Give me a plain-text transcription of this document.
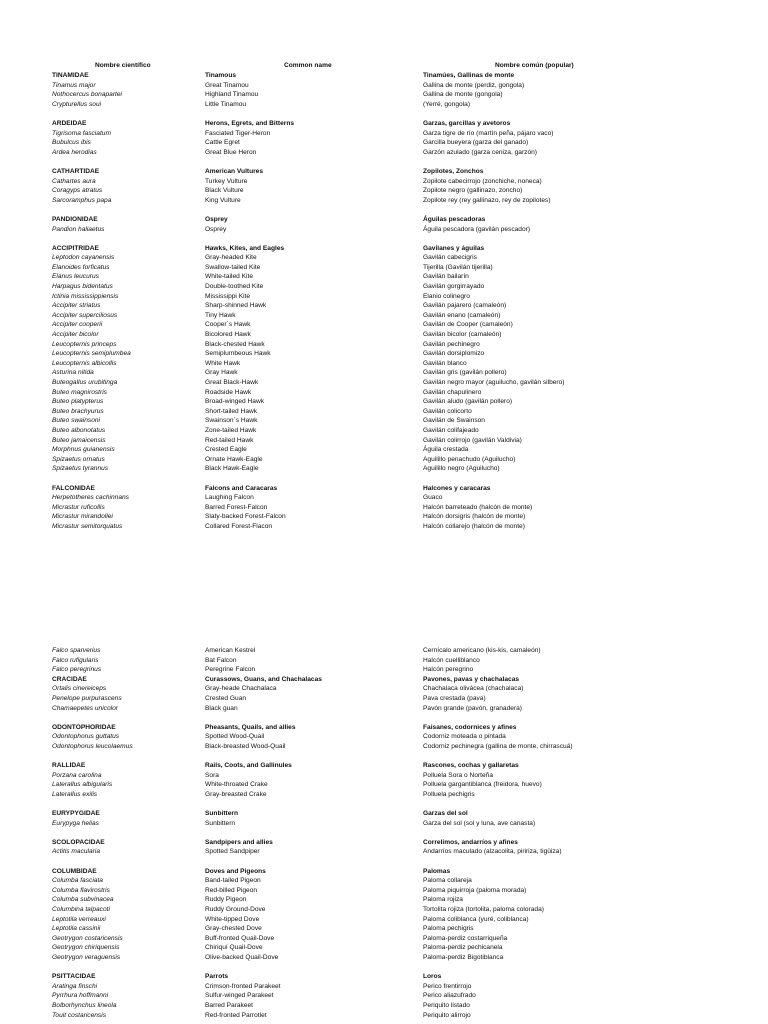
Nombre científico	Common name	Nombre común (popular)
TINAMIDAE	Tinamous	Tinamúes, Gallinas de monte
Tinamus major	Great Tinamou	Gallina de monte (perdiz, gongola)
Nothocercus bonapartei	Highland Tinamou	Gallina de monte (gongola)
Crypturellus soui	Little Tinamou	(Yerré, gongola)
ARDEIDAE	Herons, Egrets, and Bitterns	Garzas, garcillas y avetoros
Tigrisoma fasciatum	Fasciated Tiger-Heron	Garza tigre de río (martín peña, pájaro vaco)
Bubulcus ibis	Cattle Egret	Garcilla bueyera (garza del ganado)
Ardea herodias	Great Blue Heron	Garzón azulado (garza ceniza, garzón)
CATHARTIDAE	American Vultures	Zopilotes, Zonchos
Cathartes aura	Turkey Vulture	Zopilote cabecirrojo (zonchiche, noneca)
Coragyps atratus	Black Vulture	Zopilote negro (gallinazo, zoncho)
Sarcoramphus papa	King Vulture	Zopilote rey (rey gallinazo, rey de zopilotes)
PANDIONIDAE	Osprey	Águilas pescadoras
Pandion haliaetus	Osprey	Águila pescadora (gavilán pescador)
ACCIPITRIDAE	Hawks, Kites, and Eagles	Gavilanes y águilas
Leptodon cayanensis	Gray-headed Kite	Gavilán cabecigris
Elanoides forficatus	Swallow-tailed Kite	Tijerilla (Gavilán tijerilla)
Elanus leucurus	White-tailed Kite	Gavilán bailarín
Harpagus bidentatus	Double-toothed Kite	Gavilán gorgirrayado
Ictinia mississippiensis	Mississippi Kite	Elanio colinegro
Accipiter striatus	Sharp-shinned Hawk	Gavilán pajarero (camaleón)
Accipiter superciliosus	Tiny Hawk	Gavilán enano (camaleón)
Accipiter cooperii	Cooper´s Hawk	Gavilán de Cooper (camaleón)
Accipiter bicolor	Bicolored Hawk	Gavilán bicolor (camaleón)
Leucopternis princeps	Black-chested Hawk	Gavilán pechinegro
Leucopternis semiplumbea	Semiplumbeous Hawk	Gavilán dorsiplomizo
Leucopternis albicollis	White Hawk	Gavilán blanco
Asturina nitida	Gray Hawk	Gavilán gris (gavilán pollero)
Buteogallus urubitinga	Great Black-Hawk	Gavilán negro mayor (aguilucho, gavilán silbero)
Buteo magnirostris	Roadside Hawk	Gavilán chapulinero
Buteo platypterus	Broad-winged Hawk	Gavilán aludo (gavilán pollero)
Buteo brachyurus	Short-tailed Hawk	Gavilán colicorto
Buteo swainsoni	Swainson´s Hawk	Gavilán de Swainson
Buteo albonotatus	Zone-tailed Hawk	Gavilán colifajeado
Buteo jamaicensis	Red-tailed Hawk	Gavilán colirrojo (gavilán Valdivia)
Morphnus guianensis	Crested Eagle	Águila crestada
Spizaetus ornatus	Ornate Hawk-Eagle	Aguilillo penachudo (Aguilucho)
Spizaetus tyrannus	Black Hawk-Eagle	Aguilillo negro (Aguilucho)
FALCONIDAE	Falcons and Caracaras	Halcones y caracaras
Herpetotheres cachinnans	Laughing Falcon	Guaco
Micrastur ruficollis	Barred Forest-Falcon	Halcón barreteado (halcón de monte)
Micrastur mirandollei	Slaty-backed Forest-Falcon	Halcón dorsigris (halcón de monte)
Micrastur semitorquatus	Collared Forest-Flacon	Halcón collarejo (halcón de monte)
Falco sparverius	American Kestrel	Cernícalo americano (kis-kis, camaleón)
Falco rufigularis	Bat Falcon	Halcón cuelliblanco
Falco peregrinus	Peregrine Falcon	Halcón peregrino
CRACIDAE	Curassows, Guans, and Chachalacas	Pavones, pavas y chachalacas
Ortalis cinereiceps	Gray-heade Chachalaca	Chachalaca olivácea (chachalaca)
Penelope purpurascens	Crested Guan	Pava crestada (pava)
Chamaepetes unicolor	Black guan	Pavón grande (pavón, granadera)
ODONTOPHORIDAE	Pheasants, Quails, and allies	Faisanes, codornices y afines
Odontophorus guttatus	Spotted Wood-Quail	Codorniz moteada o pintada
Odontophorus leucolaemus	Black-breasted Wood-Quail	Codorniz pechinegra (gallina de monte, chirrascuá)
RALLIDAE	Rails, Coots, and Gallinules	Rascones, cochas y gallaretas
Porzana carolina	Sora	Polluela Sora o Norteña
Laterallus albigularis	White-throated Crake	Polluela gargantiblanca (freidora, huevo)
Laterallus exilis	Gray-breasted Crake	Polluela pechigris
EURYPYGIDAE	Sunbittern	Garzas del sol
Eurypyga helias	Sunbittern	Garza del sol (sol y luna, ave canasta)
SCOLOPACIDAE	Sandpipers and allies	Correlimos, andarríos y afines
Actitis macularia	Spotted Sandpiper	Andarríos maculado (alzacolita, piririza, tigüiza)
COLUMBIDAE	Doves and Pigeons	Palomas
Columba fasciata	Band-tailed Pigeon	Paloma collareja
Columba flavirostris	Red-billed Pigeon	Paloma piquirroja (paloma morada)
Columba subvinacea	Ruddy Pigeon	Paloma rojiza
Columbina talpacoti	Ruddy Ground-Dove	Tortolita rojiza (tortolita, paloma colorada)
Leptotila verreauxi	White-tipped Dove	Paloma coliblanca (yuré, coliblanca)
Leptotila cassinii	Gray-chested Dove	Paloma pechigris
Geotrygon costaricensis	Buff-fronted Quail-Dove	Paloma-perdiz costarriqueña
Geotrygon chiriquensis	Chiriquí Quail-Dove	Paloma-perdiz pechicanela
Geotrygon veraguensis	Olive-backed Quail-Dove	Paloma-perdiz Bigotiblanca
PSITTACIDAE	Parrots	Loros
Aratinga finschi	Crimson-fronted Parakeet	Perico frentirrojo
Pyrrhura hoffmanni	Sulfur-winged Parakeet	Perico aliazufrado
Bolborhynchus lineola	Barred Parakeet	Periquito listado
Touit costaricensis	Red-fronted Parrotlet	Periquito alirrojo
